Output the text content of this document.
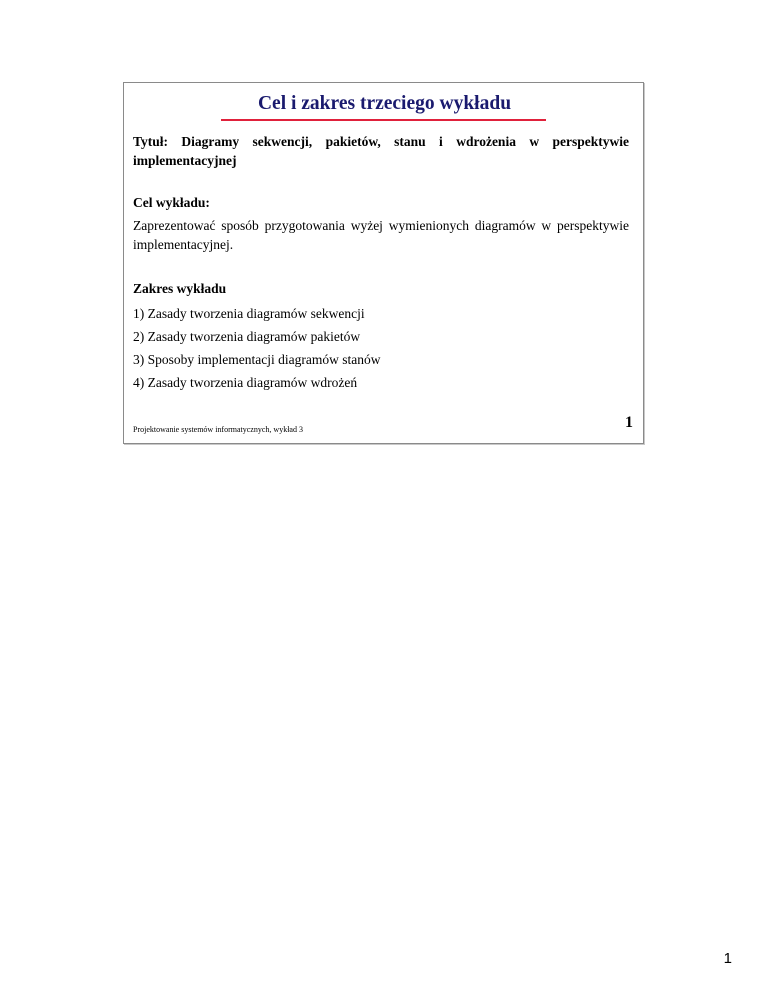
Cel i zakres trzeciego wykładu

Tytuł: Diagramy sekwencji, pakietów, stanu i wdrożenia w perspektywie implementacyjnej

Cel wykładu:

Zaprezentować sposób przygotowania wyżej wymienionych diagramów w perspektywie implementacyjnej.

Zakres wykładu

1) Zasady tworzenia diagramów sekwencji

2) Zasady tworzenia diagramów pakietów

3) Sposoby implementacji diagramów stanów

4) Zasady tworzenia diagramów wdrożeń

Projektowanie systemów informatycznych, wykład 3	1
1
